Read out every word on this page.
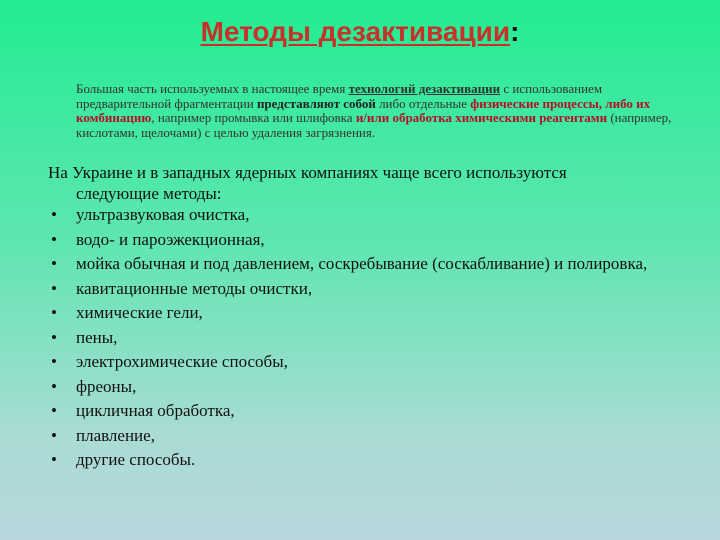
Методы дезактивации:
Большая часть используемых в настоящее время технологий дезактивации с использованием предварительной фрагментации представляют собой либо отдельные физические процессы, либо их комбинацию, например промывка или шлифовка и/или обработка химическими реагентами (например, кислотами, щелочами) с целью удаления загрязнения.
На Украине и в западных ядерных компаниях чаще всего используются
следующие методы:
• ультразвуковая очистка,
• водо- и пароэжекционная,
• мойка обычная и под давлением, соскребывание (соскабливание) и полировка,
• кавитационные методы очистки,
• химические гели,
• пены,
• электрохимические способы,
• фреоны,
• цикличная обработка,
• плавление,
• другие способы.
